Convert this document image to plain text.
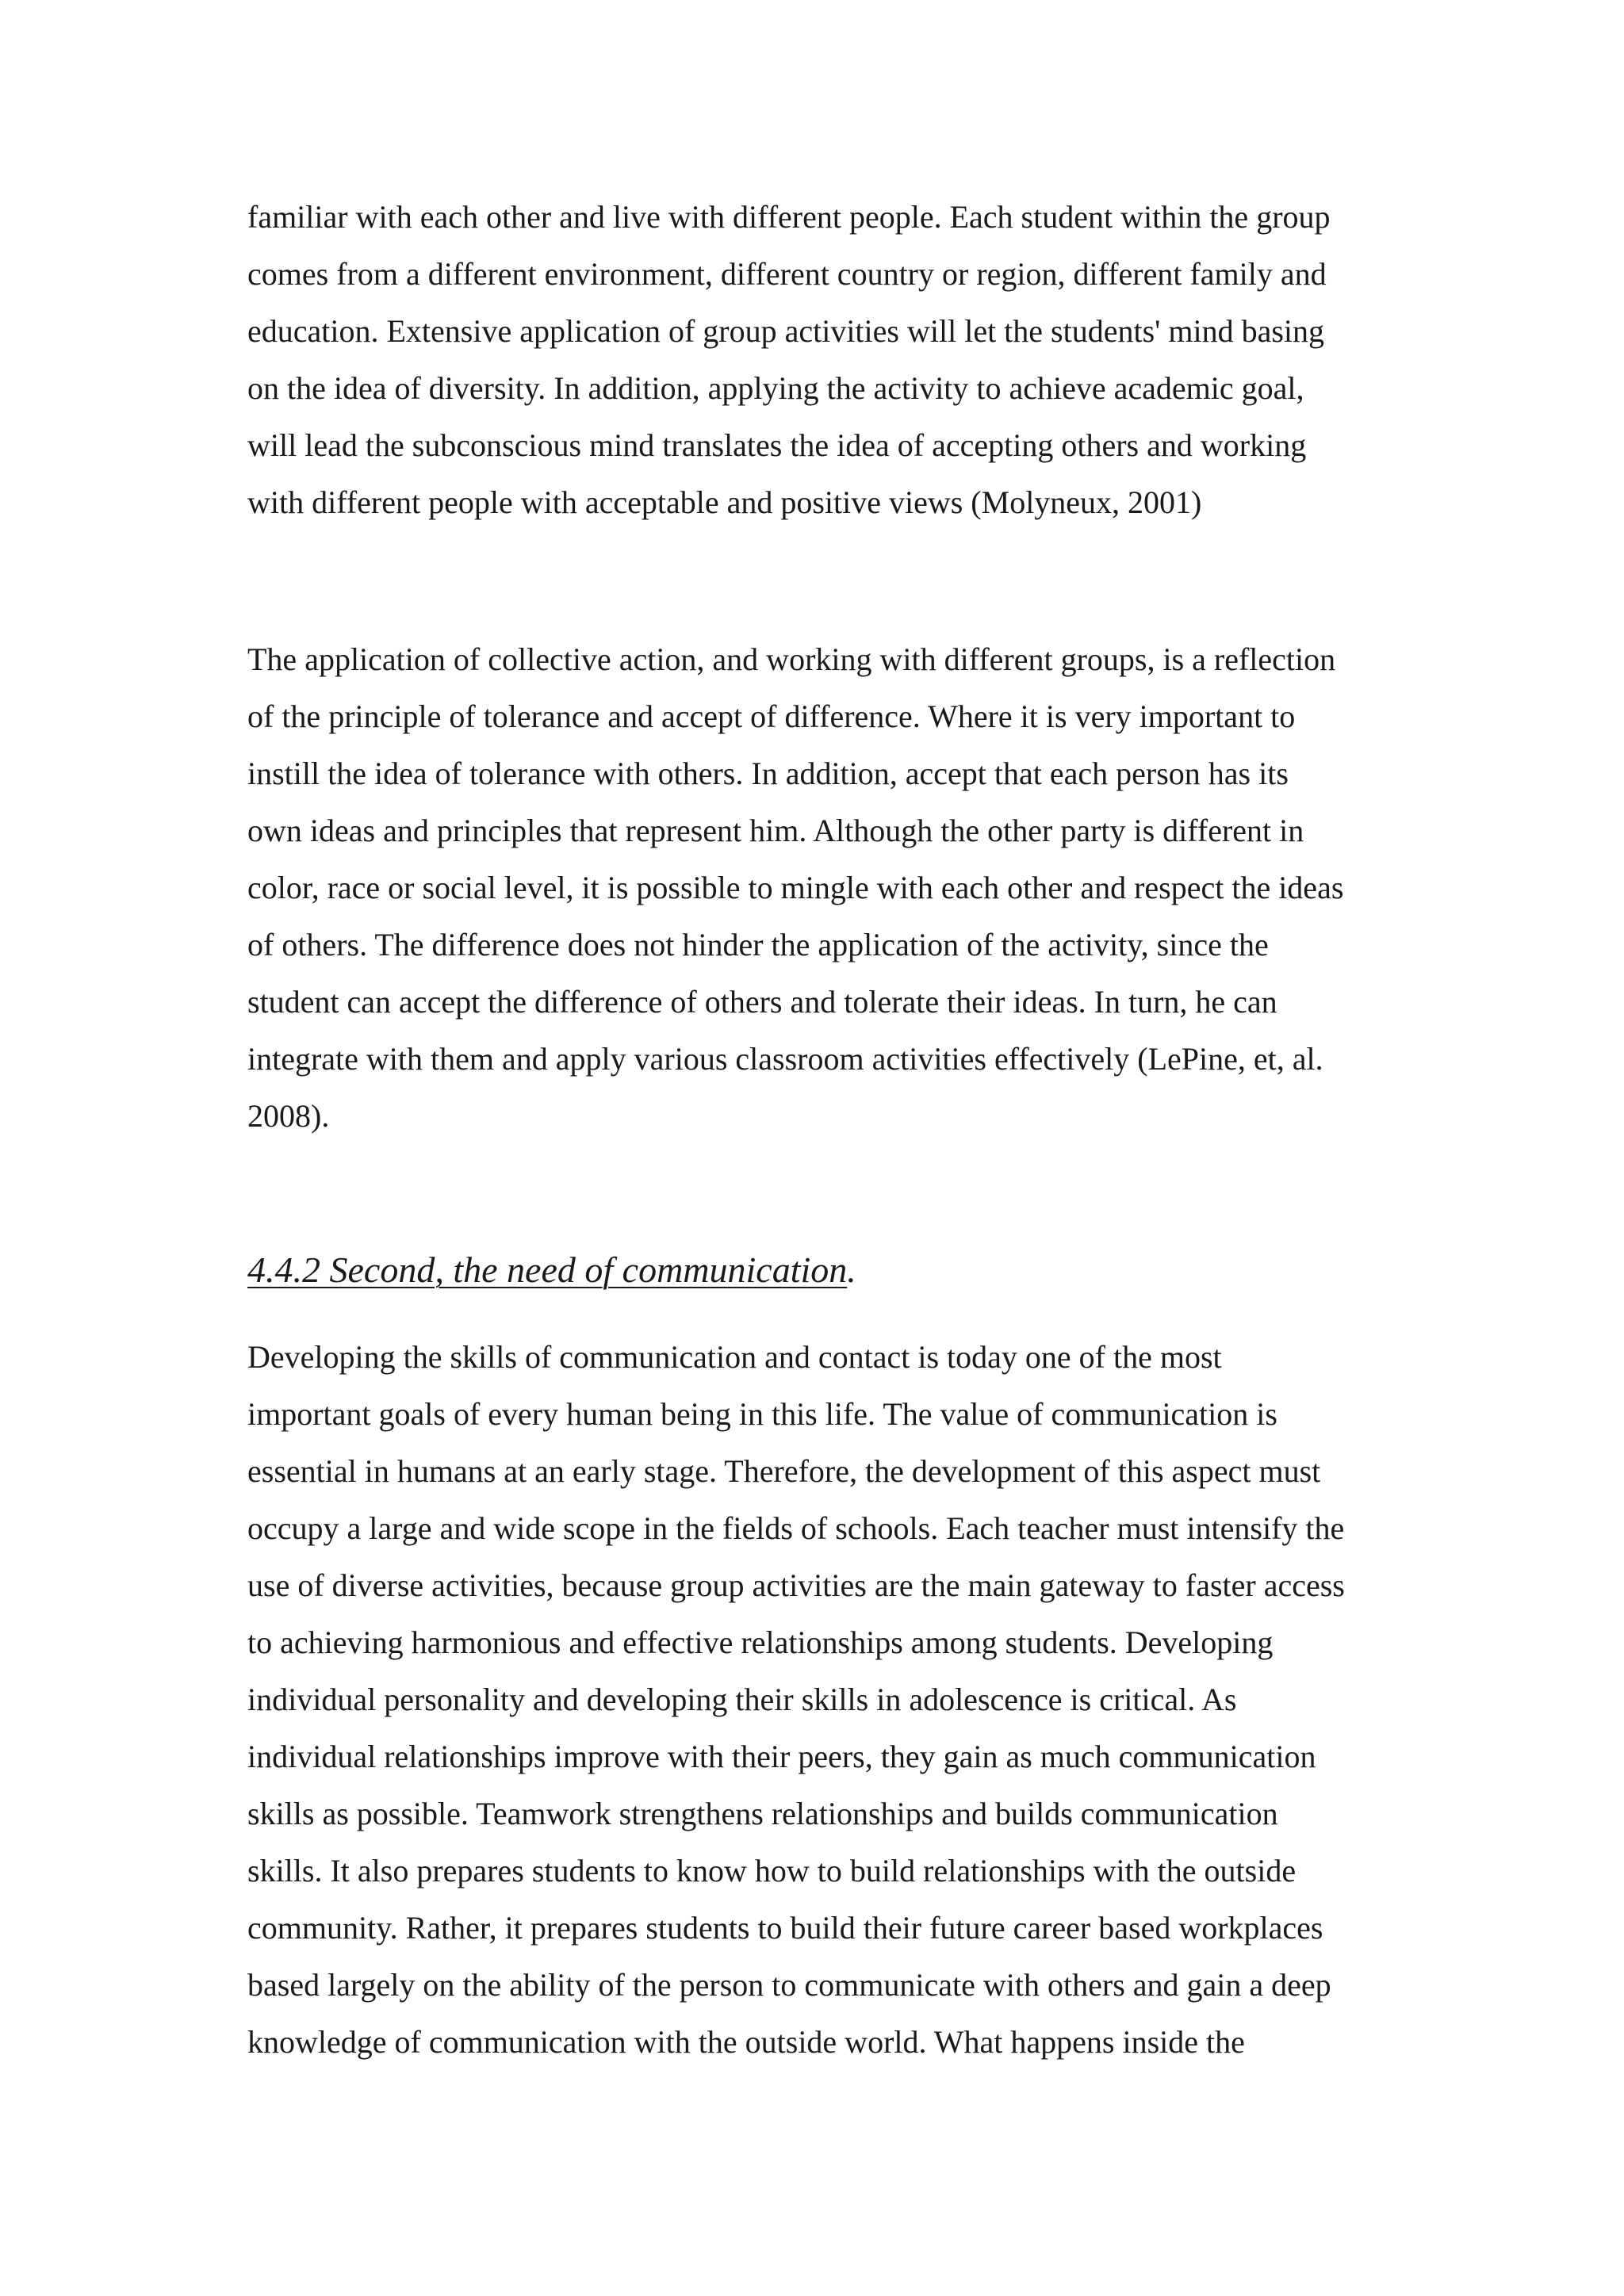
familiar with each other and live with different people. Each student within the group
comes from a different environment, different country or region, different family and
education. Extensive application of group activities will let the students' mind basing
on the idea of diversity. In addition, applying the activity to achieve academic goal,
will lead the subconscious mind translates the idea of accepting others and working
with different people with acceptable and positive views (Molyneux, 2001)
The application of collective action, and working with different groups, is a reflection
of the principle of tolerance and accept of difference. Where it is very important to
instill the idea of tolerance with others. In addition, accept that each person has its
own ideas and principles that represent him. Although the other party is different in
color, race or social level, it is possible to mingle with each other and respect the ideas
of others. The difference does not hinder the application of the activity, since the
student can accept the difference of others and tolerate their ideas. In turn, he can
integrate with them and apply various classroom activities effectively (LePine, et, al.
2008).
4.4.2 Second, the need of communication.
Developing the skills of communication and contact is today one of the most
important goals of every human being in this life. The value of communication is
essential in humans at an early stage. Therefore, the development of this aspect must
occupy a large and wide scope in the fields of schools. Each teacher must intensify the
use of diverse activities, because group activities are the main gateway to faster access
to achieving harmonious and effective relationships among students. Developing
individual personality and developing their skills in adolescence is critical. As
individual relationships improve with their peers, they gain as much communication
skills as possible. Teamwork strengthens relationships and builds communication
skills. It also prepares students to know how to build relationships with the outside
community. Rather, it prepares students to build their future career based workplaces
based largely on the ability of the person to communicate with others and gain a deep
knowledge of communication with the outside world. What happens inside the
